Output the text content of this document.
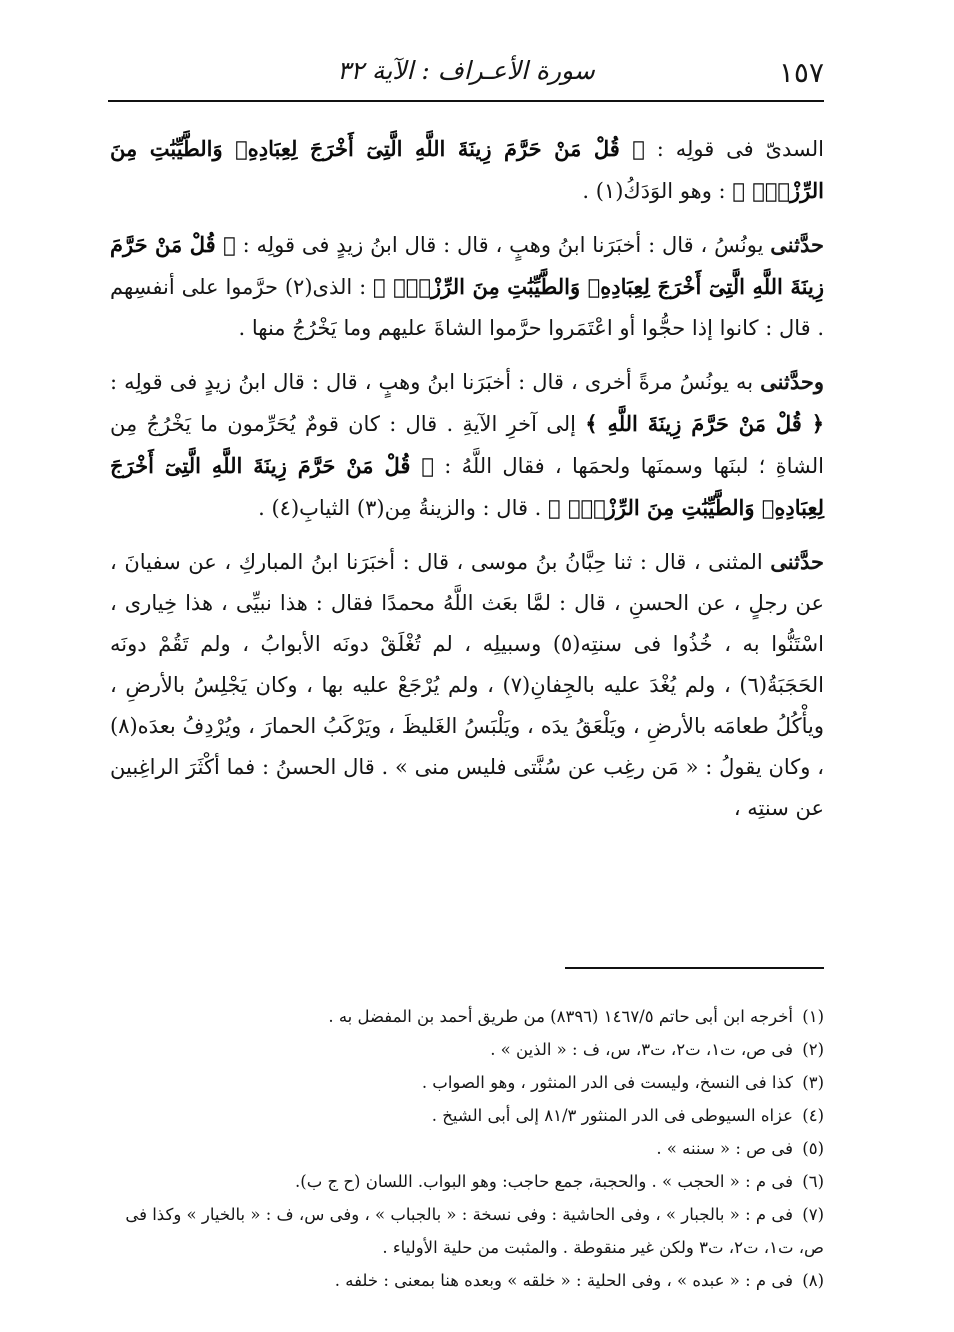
١٥٧
سورة الأعـراف : الآية ٣٢

السدىّ فى قولِه : ﴿ قُلْ مَنْ حَرَّمَ زِينَةَ اللَّهِ الَّتِىٓ أَخْرَجَ لِعِبَادِهِۦ وَالطَّيِّبَٰتِ مِنَ الرِّزْقِۚ ﴾ : وهو الوَدَكُ(١) .

حدَّثنى يونُسُ ، قال : أخبَرَنا ابنُ وهبٍ ، قال : قال ابنُ زيدٍ فى قولِه : ﴿ قُلْ مَنْ حَرَّمَ زِينَةَ اللَّهِ الَّتِىٓ أَخْرَجَ لِعِبَادِهِۦ وَالطَّيِّبَٰتِ مِنَ الرِّزْقِۚ ﴾ : الذى(٢) حرَّموا على أنفسِهم . قال : كانوا إذا حجُّوا أو اعْتَمَروا حرَّموا الشاةَ عليهم وما يَخْرُجُ منها .

وحدَّثنى به يونُسُ مرةً أخرى ، قال : أخبَرَنا ابنُ وهبٍ ، قال : قال ابنُ زيدٍ فى قولِه : ﴿ قُلْ مَنْ حَرَّمَ زِينَةَ اللَّهِ ﴾ إلى آخرِ الآيةِ . قال : كان قومٌ يُحَرِّمون ما يَخْرُجُ مِن الشاةِ ؛ لبنَها وسمنَها ولحمَها ، فقال اللَّهُ : ﴿ قُلْ مَنْ حَرَّمَ زِينَةَ اللَّهِ الَّتِىٓ أَخْرَجَ لِعِبَادِهِۦ وَالطَّيِّبَٰتِ مِنَ الرِّزْقِۚ ﴾ . قال : والزينةُ مِن(٣) الثيابِ(٤) .

حدَّثنى المثنى ، قال : ثنا حِبَّانُ بنُ موسى ، قال : أخبَرَنا ابنُ المباركِ ، عن سفيانَ ، عن رجلٍ ، عن الحسنِ ، قال : لمَّا بعَث اللَّهُ محمدًا فقال : هذا نبيِّى ، هذا خِيارى ، اسْتَنُّوا به ، خُذُوا فى سنتِه(٥) وسبيلِه ، لم تُغْلَقْ دونَه الأبوابُ ، ولم تَقُمْ دونَه الحَجَبَةُ(٦) ، ولم يُغْدَ عليه بالجِفانِ(٧) ، ولم يُرْجَعْ عليه بها ، وكان يَجْلِسُ بالأرضِ ، ويأْكُلُ طعامَه بالأرضِ ، ويَلْعَقُ يدَه ، ويَلْبَسُ الغَليظَ ، ويَرْكَبُ الحمارَ ، ويُرْدِفُ بعدَه(٨) ، وكان يقولُ : « مَن رغِب عن سُنَّتى فليس منى » . قال الحسنُ : فما أكْثَرَ الراغِبين عن سنتِه ،

(١) أخرجه ابن أبى حاتم ١٤٦٧/٥ (٨٣٩٦) من طريق أحمد بن المفضل به .

(٢) فى ص، ت١، ت٢، ت٣، س، ف : « الذين » .

(٣) كذا فى النسخ، وليست فى الدر المنثور ، وهو الصواب .

(٤) عزاه السيوطى فى الدر المنثور ٨١/٣ إلى أبى الشيخ .

(٥) فى ص : « سننه » .

(٦) فى م : « الحجب » . والحجبة، جمع حاجب: وهو البواب. اللسان (ح ج ب).

(٧) فى م : « بالجبار » ، وفى الحاشية : وفى نسخة : « بالجباب » ، وفى س، ف : « بالخيار » وكذا فى ص، ت١، ت٢، ت٣ ولكن غير منقوطة . والمثبت من حلية الأولياء .

(٨) فى م : « عبده » ، وفى الحلية : « خلقه » وبعده هنا بمعنى : خلفه .
